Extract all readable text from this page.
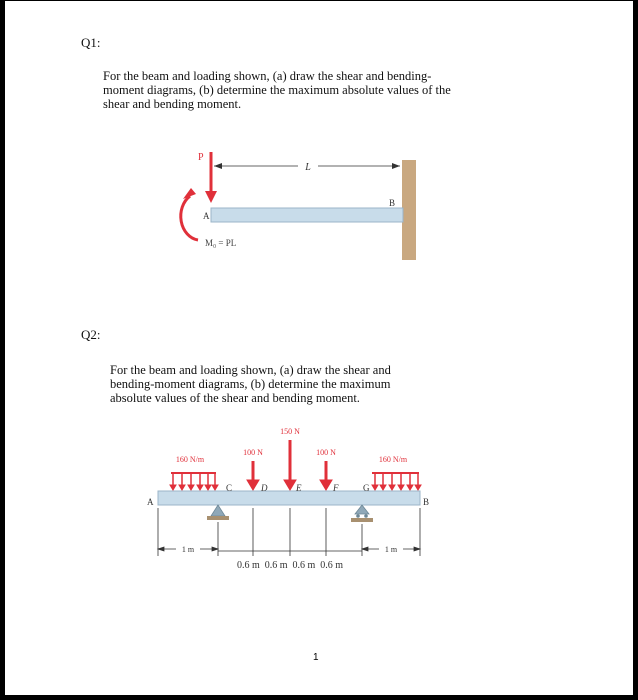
Q1:
For the beam and loading shown, (a) draw the shear and bending-
moment diagrams, (b) determine the maximum absolute values of the
shear and bending moment.
L
P
A
B
M₀ = PL
Q2:
For the beam and loading shown, (a) draw the shear and
bending-moment diagrams, (b) determine the maximum
absolute values of the shear and bending moment.
150 N
100 N	100 N
160 N/m	160 N/m
A
C	D	E	F	G
B
1 m	1 m
0.6 m  0.6 m  0.6 m  0.6 m
1
